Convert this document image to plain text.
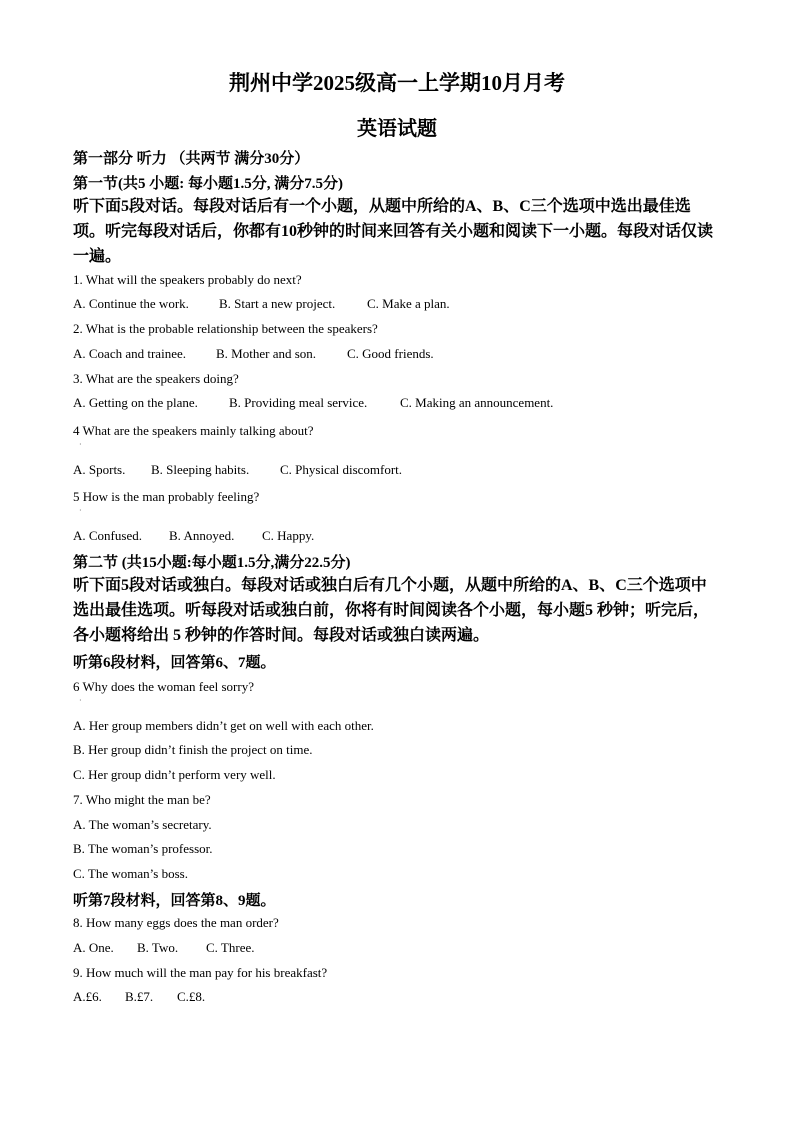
荆州中学2025级高一上学期10月月考
英语试题
第一部分 听力 （共两节 满分30分）
第一节(共5 小题: 每小题1.5分, 满分7.5分)
听下面5段对话。每段对话后有一个小题，从题中所给的A、B、C三个选项中选出最佳选项。听完每段对话后，你都有10秒钟的时间来回答有关小题和阅读下一小题。每段对话仅读一遍。
1. What will the speakers probably do next?
A. Continue the work. B. Start a new project. C. Make a plan.
2. What is the probable relationship between the speakers?
A. Coach and trainee. B. Mother and son. C. Good friends.
3. What are the speakers doing?
A. Getting on the plane. B. Providing meal service.	C. Making an announcement.
4 What are the speakers mainly talking about?
·
A. Sports. B. Sleeping habits. C. Physical discomfort.
5 How is the man probably feeling?
·
A. Confused. B. Annoyed. C. Happy.
第二节 (共15小题:每小题1.5分,满分22.5分)
听下面5段对话或独白。每段对话或独白后有几个小题，从题中所给的A、B、C三个选项中选出最佳选项。听每段对话或独白前，你将有时间阅读各个小题，每小题5 秒钟；听完后，各小题将给出 5 秒钟的作答时间。每段对话或独白读两遍。
听第6段材料，回答第6、7题。
6 Why does the woman feel sorry?
·
A. Her group members didn’t get on well with each other.
B. Her group didn’t finish the project on time.
C. Her group didn’t perform very well.
7. Who might the man be?
A. The woman’s secretary.
B. The woman’s professor.
C. The woman’s boss.
听第7段材料，回答第8、9题。
8. How many eggs does the man order?
A. One. B. Two. C. Three.
9. How much will the man pay for his breakfast?
A.£6. B.£7. C.£8.
